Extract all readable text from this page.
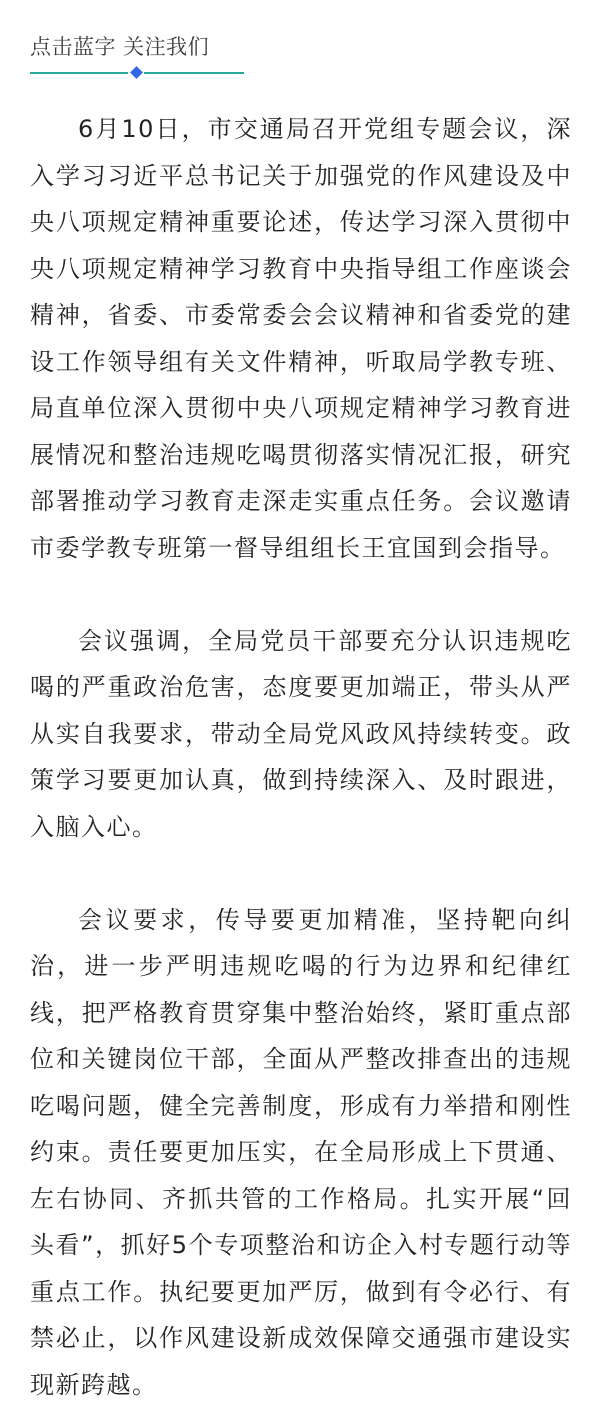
点击蓝字 关注我们

6月10日，市交通局召开党组专题会议，深入学习习近平总书记关于加强党的作风建设及中央八项规定精神重要论述，传达学习深入贯彻中央八项规定精神学习教育中央指导组工作座谈会精神，省委、市委常委会会议精神和省委党的建设工作领导组有关文件精神，听取局学教专班、局直单位深入贯彻中央八项规定精神学习教育进展情况和整治违规吃喝贯彻落实情况汇报，研究部署推动学习教育走深走实重点任务。会议邀请市委学教专班第一督导组组长王宜国到会指导。

会议强调，全局党员干部要充分认识违规吃喝的严重政治危害，态度要更加端正，带头从严从实自我要求，带动全局党风政风持续转变。政策学习要更加认真，做到持续深入、及时跟进，入脑入心。

会议要求，传导要更加精准，坚持靶向纠治，进一步严明违规吃喝的行为边界和纪律红线，把严格教育贯穿集中整治始终，紧盯重点部位和关键岗位干部，全面从严整改排查出的违规吃喝问题，健全完善制度，形成有力举措和刚性约束。责任要更加压实，在全局形成上下贯通、左右协同、齐抓共管的工作格局。扎实开展“回头看”，抓好5个专项整治和访企入村专题行动等重点工作。执纪要更加严厉，做到有令必行、有禁必止，以作风建设新成效保障交通强市建设实现新跨越。
